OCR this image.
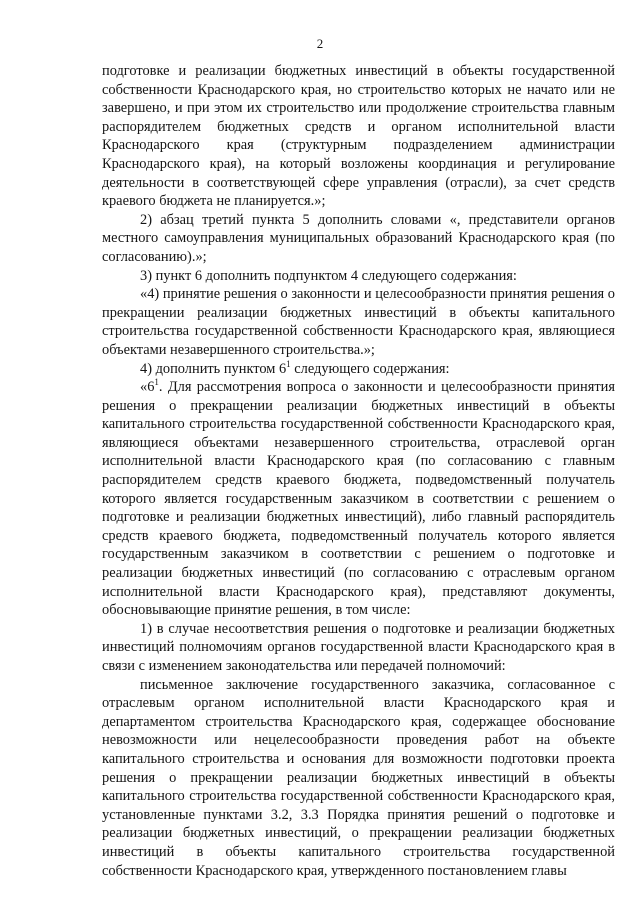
2

подготовке и реализации бюджетных инвестиций в объекты государственной собственности Краснодарского края, но строительство которых не начато или не завершено, и при этом их строительство или продолжение строительства главным распорядителем бюджетных средств и органом исполнительной власти Краснодарского края (структурным подразделением администрации Краснодарского края), на который возложены координация и регулирование деятельности в соответствующей сфере управления (отрасли), за счет средств краевого бюджета не планируется.»;

2) абзац третий пункта 5 дополнить словами «, представители органов местного самоуправления муниципальных образований Краснодарского края (по согласованию).»;

3) пункт 6 дополнить подпунктом 4 следующего содержания:

«4) принятие решения о законности и целесообразности принятия решения о прекращении реализации бюджетных инвестиций в объекты капитального строительства государственной собственности Краснодарского края, являющиеся объектами незавершенного строительства.»;

4) дополнить пунктом $6^1$ следующего содержания:

«$6^1$. Для рассмотрения вопроса о законности и целесообразности принятия решения о прекращении реализации бюджетных инвестиций в объекты капитального строительства государственной собственности Краснодарского края, являющиеся объектами незавершенного строительства, отраслевой орган исполнительной власти Краснодарского края (по согласованию с главным распорядителем средств краевого бюджета, подведомственный получатель которого является государственным заказчиком в соответствии с решением о подготовке и реализации бюджетных инвестиций), либо главный распорядитель средств краевого бюджета, подведомственный получатель которого является государственным заказчиком в соответствии с решением о подготовке и реализации бюджетных инвестиций (по согласованию с отраслевым органом исполнительной власти Краснодарского края), представляют документы, обосновывающие принятие решения, в том числе:

1) в случае несоответствия решения о подготовке и реализации бюджетных инвестиций полномочиям органов государственной власти Краснодарского края в связи с изменением законодательства или передачей полномочий:

письменное заключение государственного заказчика, согласованное с отраслевым органом исполнительной власти Краснодарского края и департаментом строительства Краснодарского края, содержащее обоснование невозможности или нецелесообразности проведения работ на объекте капитального строительства и основания для возможности подготовки проекта решения о прекращении реализации бюджетных инвестиций в объекты капитального строительства государственной собственности Краснодарского края, установленные пунктами 3.2, 3.3 Порядка принятия решений о подготовке и реализации бюджетных инвестиций, о прекращении реализации бюджетных инвестиций в объекты капитального строительства государственной собственности Краснодарского края, утвержденного постановлением главы
